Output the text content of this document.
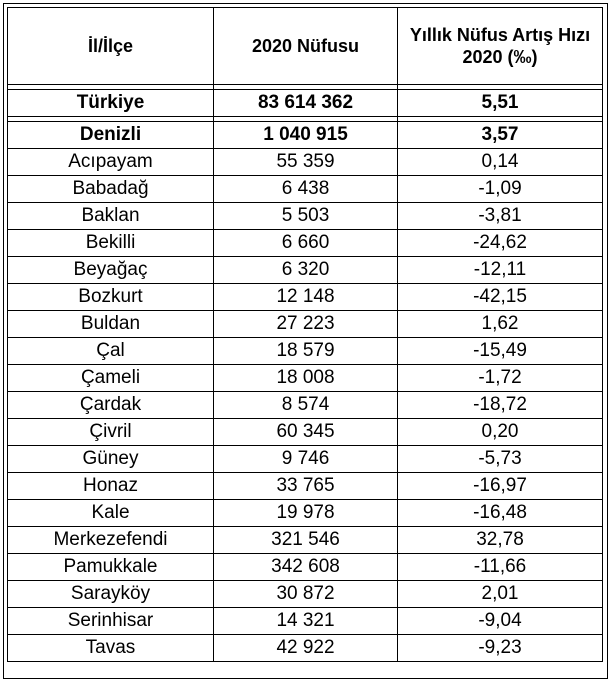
İl/İlçe	2020 Nüfusu	Yıllık Nüfus Artış Hızı 2020 (‰)

Türkiye	83 614 362	5,51

Denizli	1 040 915	3,57
Acıpayam	55 359	0,14
Babadağ	6 438	-1,09
Baklan	5 503	-3,81
Bekilli	6 660	-24,62
Beyağaç	6 320	-12,11
Bozkurt	12 148	-42,15
Buldan	27 223	1,62
Çal	18 579	-15,49
Çameli	18 008	-1,72
Çardak	8 574	-18,72
Çivril	60 345	0,20
Güney	9 746	-5,73
Honaz	33 765	-16,97
Kale	19 978	-16,48
Merkezefendi	321 546	32,78
Pamukkale	342 608	-11,66
Sarayköy	30 872	2,01
Serinhisar	14 321	-9,04
Tavas	42 922	-9,23
